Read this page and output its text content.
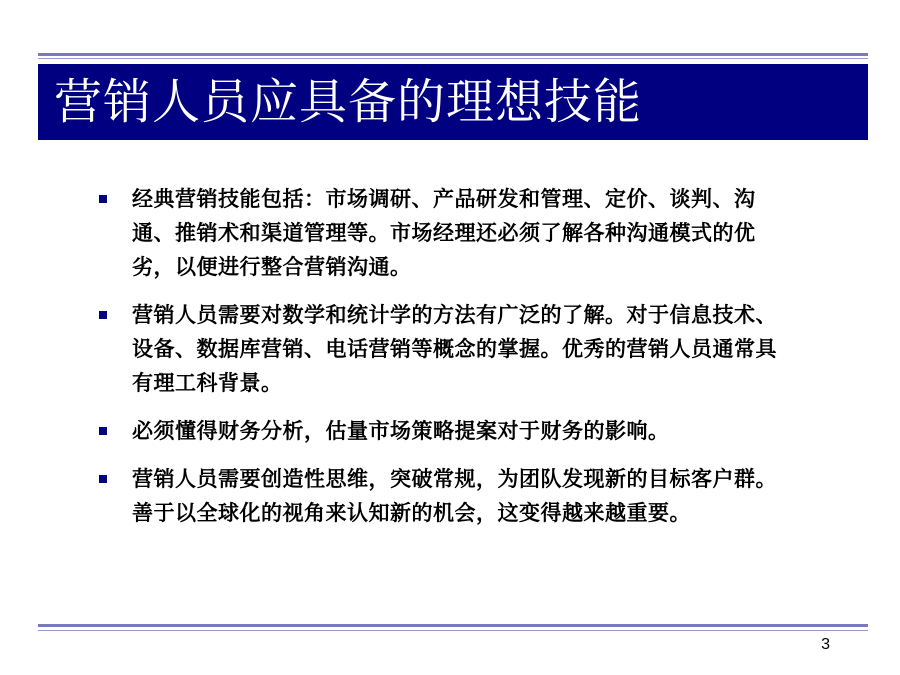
营销人员应具备的理想技能
经典营销技能包括：市场调研、产品研发和管理、定价、谈判、沟通、推销术和渠道管理等。市场经理还必须了解各种沟通模式的优劣，以便进行整合营销沟通。
营销人员需要对数学和统计学的方法有广泛的了解。对于信息技术、设备、数据库营销、电话营销等概念的掌握。优秀的营销人员通常具有理工科背景。
必须懂得财务分析，估量市场策略提案对于财务的影响。
营销人员需要创造性思维，突破常规，为团队发现新的目标客户群。善于以全球化的视角来认知新的机会，这变得越来越重要。
3
